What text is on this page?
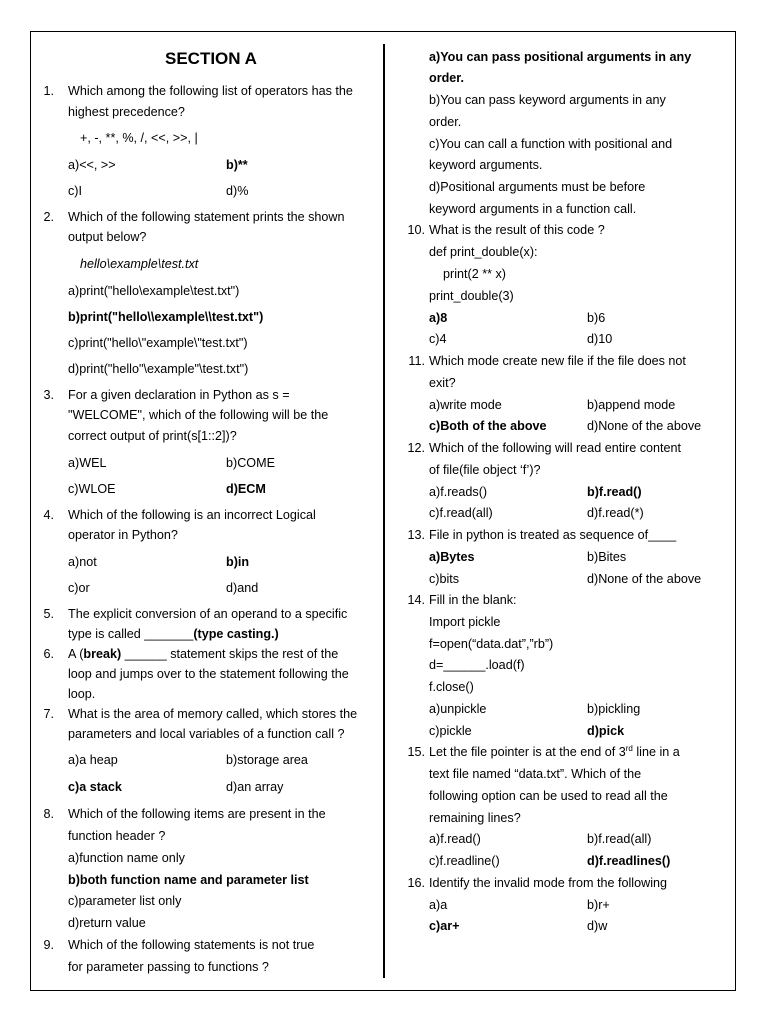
SECTION A
1. Which among the following list of operators has the
highest precedence?
+, -, **, %, /, <<, >>, |
a)<<, >>	b)**
c)I	d)%
2. Which of the following statement prints the shown
output below?
hello\example\test.txt
a)print("hello\example\test.txt")
b)print("hello\\example\\test.txt")
c)print("hello\"example\"test.txt")
d)print("hello"\example"\test.txt")
3. For a given declaration in Python as s =
"WELCOME", which of the following will be the
correct output of print(s[1::2])?
a)WEL	b)COME
c)WLOE	d)ECM
4. Which of the following is an incorrect Logical
operator in Python?
a)not	b)in
c)or	d)and
5. The explicit conversion of an operand to a specific
type is called _______(type casting.)
6. A (break) ______ statement skips the rest of the
loop and jumps over to the statement following the
loop.
7. What is the area of memory called, which stores the
parameters and local variables of a function call ?
a)a heap	b)storage area
c)a stack	d)an array
8. Which of the following items are present in the
function header ?
a)function name only
b)both function name and parameter list
c)parameter list only
d)return value
9. Which of the following statements is not true
for parameter passing to functions ?
a)You can pass positional arguments in any
order.
b)You can pass keyword arguments in any
order.
c)You can call a function with positional and
keyword arguments.
d)Positional arguments must be before
keyword arguments in a function call.
10. What is the result of this code ?
def print_double(x):
print(2 ** x)
print_double(3)
a)8	b)6
c)4	d)10
11. Which mode create new file if the file does not
exit?
a)write mode	b)append mode
c)Both of the above	d)None of the above
12. Which of the following will read entire content
of file(file object ‘f’)?
a)f.reads()	b)f.read()
c)f.read(all)	d)f.read(*)
13. File in python is treated as sequence of____
a)Bytes	b)Bites
c)bits	d)None of the above
14. Fill in the blank:
Import pickle
f=open(“data.dat”,”rb”)
d=______.load(f)
f.close()
a)unpickle	b)pickling
c)pickle	d)pick
15. Let the file pointer is at the end of 3rd line in a
text file named “data.txt”. Which of the
following option can be used to read all the
remaining lines?
a)f.read()	b)f.read(all)
c)f.readline()	d)f.readlines()
16. Identify the invalid mode from the following
a)a	b)r+
c)ar+	d)w
